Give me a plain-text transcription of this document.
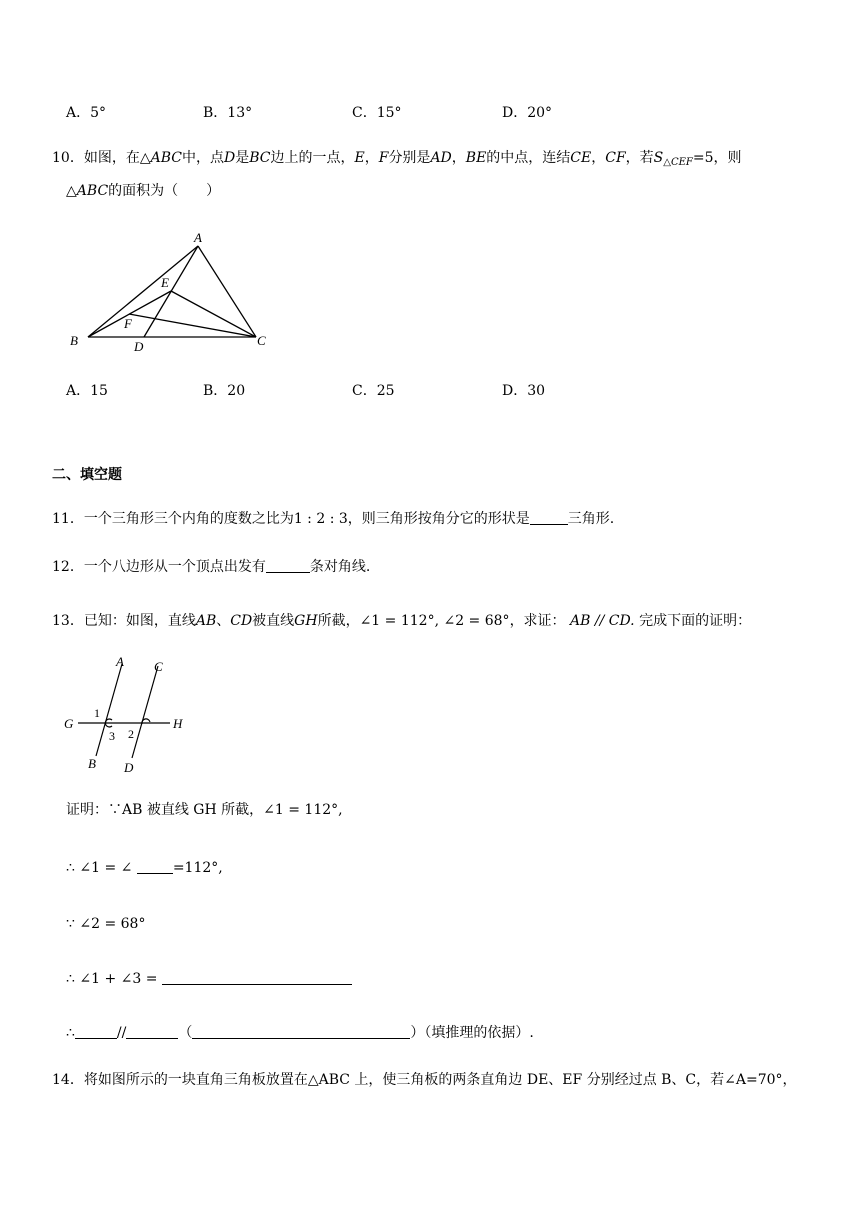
A．5°	B．13°	C．15°	D．20°
10．如图，在△ABC中，点D是BC边上的一点，E，F分别是AD，BE的中点，连结CE，CF，若$S_{\triangle CEF}=5$，则
△ABC的面积为（　　）
A
B	C
D
E
F
A．15	B．20	C．25	D．30
二、填空题
11．一个三角形三个内角的度数之比为1 : 2 : 3，则三角形按角分它的形状是	三角形.
12．一个八边形从一个顶点出发有	条对角线.
13．已知：如图，直线AB、CD被直线GH所截，∠1 = 112°, ∠2 = 68°，求证： AB // CD. 完成下面的证明：
A C
G	H
B D
1
3 2
证明：∵AB 被直线 GH 所截，∠1 = 112°,
∴ ∠1 = ∠	=112°,
∵ ∠2 = 68°
∴ ∠1 + ∠3 =
∴	//	（	）（填推理的依据）.
14．将如图所示的一块直角三角板放置在△ABC 上，使三角板的两条直角边 DE、EF 分别经过点 B、C，若∠A=70°，
